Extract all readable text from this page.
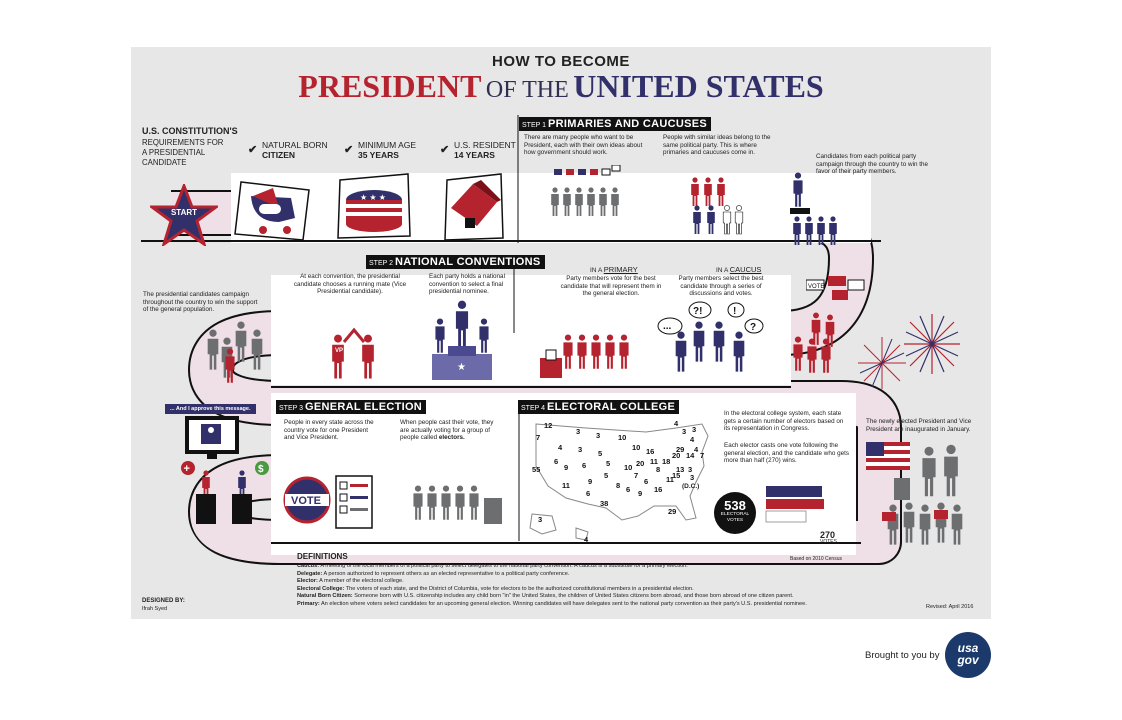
HOW TO BECOME
PRESIDENT OF THE UNITED STATES
U.S. CONSTITUTION'S
REQUIREMENTS FOR
A PRESIDENTIAL
CANDIDATE
✔ NATURAL BORN
CITIZEN	✔ MINIMUM AGE
35 YEARS	✔ U.S. RESIDENT
14 YEARS
START
★ ★ ★
STEP 1 PRIMARIES AND CAUCUSES
There are many people who want to be President, each with their own ideas about how government should work.
People with similar ideas belong to the same political party. This is where primaries and caucuses come in.
Candidates from each political party campaign through the country to win the favor of their party members.
VOTE
IN A PRIMARY
Party members vote for the best candidate that will represent them in the general election.
IN A CAUCUS
Party members select the best candidate through a series of discussions and votes.
...
?!	!
?
STEP 2 NATIONAL CONVENTIONS
At each convention, the presidential candidate chooses a running mate (Vice Presidential candidate).
Each party holds a national convention to select a final presidential nominee.
The presidential candidates campaign throughout the country to win the support of the general population.
VP
★
STEP 3 GENERAL ELECTION
People in every state across the country vote for one President and Vice President.
When people cast their vote, they are actually voting for a group of people called electors.
... And I approve this message.
+	$
VOTE
STEP 4 ELECTORAL COLLEGE
In the electoral college system, each state gets a certain number of electors based on its representation in Congress.
Each elector casts one vote following the general election, and the candidate who gets more than half (270) wins.
12
3 3 10
4
3
4
7
4 3 5
10 16	29
55
6
9 6	20 11 18
20 14 7
5
8 13
4
10
11
5	7
6
11 9
15
3
6 9 16
38
8
29
3
4
6
3
3
(D.C.)
538
ELECTORAL
VOTES
270
VOTES
Based on 2010 Census
The newly elected President and Vice President are inaugurated in January.
DEFINITIONS
Caucus: A meeting of the local members of a political party to select delegates to the national party convention. A caucus is a substitute for a primary election.
Delegate: A person authorized to represent others as an elected representative to a political party conference.
Elector: A member of the electoral college.
Electoral College: The voters of each state, and the District of Columbia, vote for electors to be the authorized constitutional members in a presidential election.
Natural Born Citizen: Someone born with U.S. citizenship includes any child born "in" the United States, the children of United States citizens born abroad, and those born abroad of one citizen parent.
Primary: An election where voters select candidates for an upcoming general election. Winning candidates will have delegates sent to the national party convention as their party's U.S. presidential nominee.
DESIGNED BY:
Ifrah Syed	Revised: April 2016
Brought to you by
usa
gov
